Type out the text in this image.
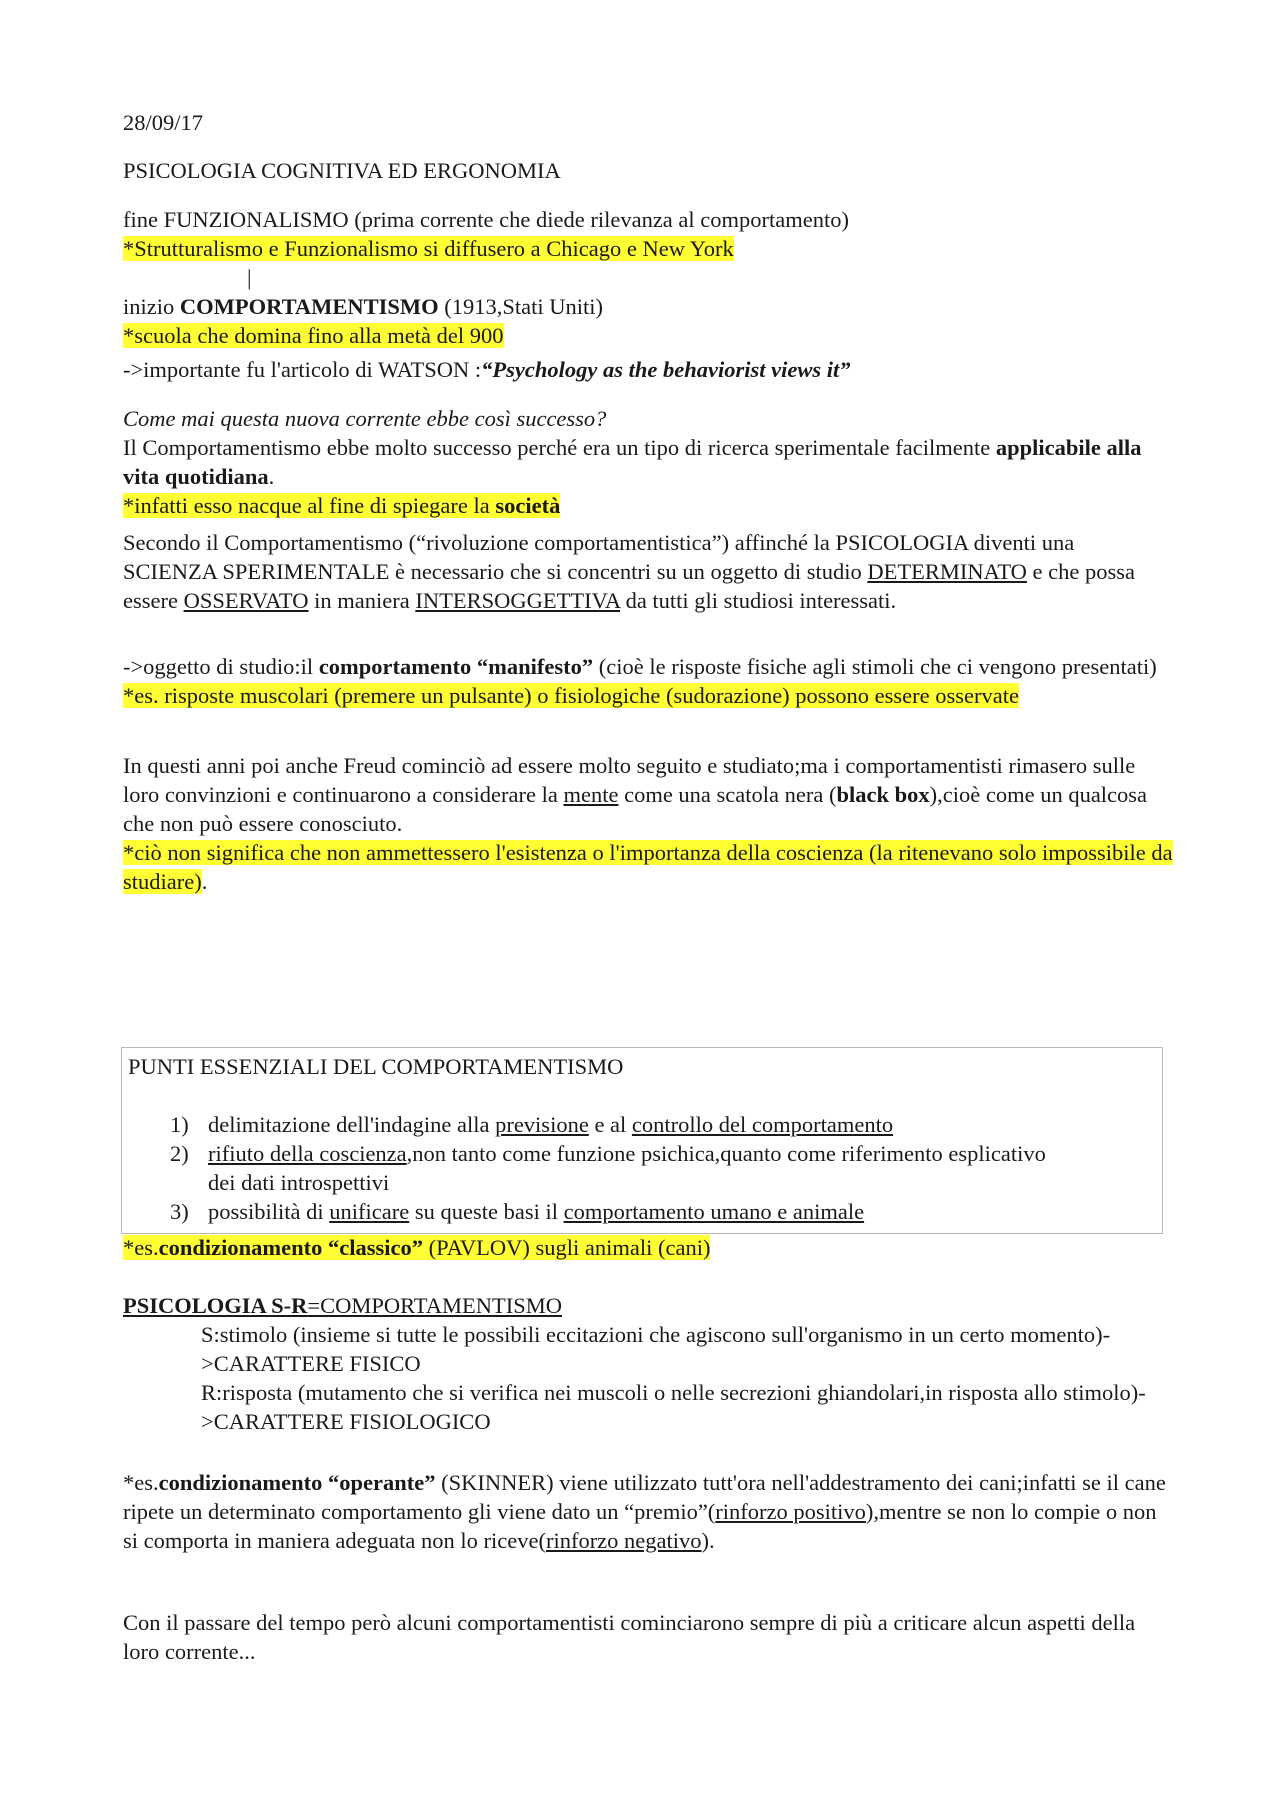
28/09/17

PSICOLOGIA COGNITIVA ED ERGONOMIA

fine FUNZIONALISMO (prima corrente che diede rilevanza al comportamento)

*Strutturalismo e Funzionalismo si diffusero a Chicago e New York

|

inizio COMPORTAMENTISMO (1913,Stati Uniti)

*scuola che domina fino alla metà del 900

->importante fu l'articolo di WATSON :“Psychology as the behaviorist views it”

Come mai questa nuova corrente ebbe così successo?

Il Comportamentismo ebbe molto successo perché era un tipo di ricerca sperimentale facilmente applicabile alla vita quotidiana.

*infatti esso nacque al fine di spiegare la società

Secondo il Comportamentismo (“rivoluzione comportamentistica”) affinché la PSICOLOGIA diventi una SCIENZA SPERIMENTALE è necessario che si concentri su un oggetto di studio DETERMINATO e che possa essere OSSERVATO in maniera INTERSOGGETTIVA da tutti gli studiosi interessati.

->oggetto di studio:il comportamento “manifesto” (cioè le risposte fisiche agli stimoli che ci vengono presentati)

*es. risposte muscolari (premere un pulsante) o fisiologiche (sudorazione) possono essere osservate

In questi anni poi anche Freud cominciò ad essere molto seguito e studiato;ma i comportamentisti rimasero sulle loro convinzioni e continuarono a considerare la mente come una scatola nera (black box),cioè come un qualcosa che non può essere conosciuto.

*ciò non significa che non ammettessero l'esistenza o l'importanza della coscienza (la ritenevano solo impossibile da studiare).

PUNTI ESSENZIALI DEL COMPORTAMENTISMO

1) delimitazione dell'indagine alla previsione e al controllo del comportamento
2) rifiuto della coscienza,non tanto come funzione psichica,quanto come riferimento esplicativo dei dati introspettivi
3) possibilità di unificare su queste basi il comportamento umano e animale

*es.condizionamento “classico” (PAVLOV) sugli animali (cani)

PSICOLOGIA S-R=COMPORTAMENTISMO

S:stimolo (insieme si tutte le possibili eccitazioni che agiscono sull'organismo in un certo momento)->CARATTERE FISICO

R:risposta (mutamento che si verifica nei muscoli o nelle secrezioni ghiandolari,in risposta allo stimolo)->CARATTERE FISIOLOGICO

*es.condizionamento “operante” (SKINNER) viene utilizzato tutt'ora nell'addestramento dei cani;infatti se il cane ripete un determinato comportamento gli viene dato un “premio”(rinforzo positivo),mentre se non lo compie o non si comporta in maniera adeguata non lo riceve(rinforzo negativo).

Con il passare del tempo però alcuni comportamentisti cominciarono sempre di più a criticare alcun aspetti della loro corrente...
